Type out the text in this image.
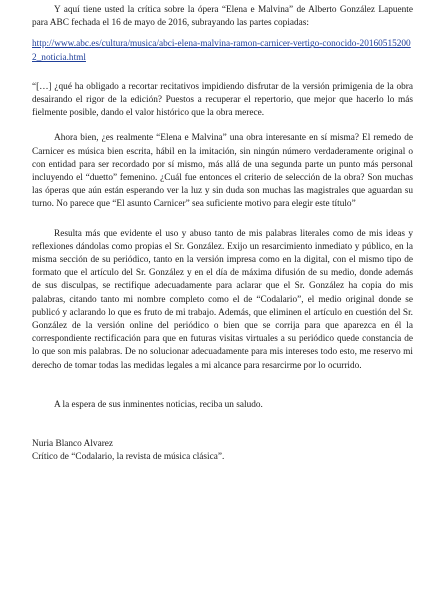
Y aquí tiene usted la crítica sobre la ópera “Elena e Malvina” de Alberto González Lapuente para ABC fechada el 16 de mayo de 2016, subrayando las partes copiadas:

http://www.abc.es/cultura/musica/abci-elena-malvina-ramon-carnicer-vertigo-conocido-201605152002_noticia.html

“[…] ¿qué ha obligado a recortar recitativos impidiendo disfrutar de la versión primigenia de la obra desairando el rigor de la edición? Puestos a recuperar el repertorio, que mejor que hacerlo lo más fielmente posible, dando el valor histórico que la obra merece.

Ahora bien, ¿es realmente “Elena e Malvina” una obra interesante en sí misma? El remedo de Carnicer es música bien escrita, hábil en la imitación, sin ningún número verdaderamente original o con entidad para ser recordado por sí mismo, más allá de una segunda parte un punto más personal incluyendo el “duetto” femenino. ¿Cuál fue entonces el criterio de selección de la obra? Son muchas las óperas que aún están esperando ver la luz y sin duda son muchas las magistrales que aguardan su turno. No parece que “El asunto Carnicer” sea suficiente motivo para elegir este título”

Resulta más que evidente el uso y abuso tanto de mis palabras literales como de mis ideas y reflexiones dándolas como propias el Sr. González. Exijo un resarcimiento inmediato y público, en la misma sección de su periódico, tanto en la versión impresa como en la digital, con el mismo tipo de formato que el artículo del Sr. González y en el día de máxima difusión de su medio, donde además de sus disculpas, se rectifique adecuadamente para aclarar que el Sr. González ha copia do mis palabras, citando tanto mi nombre completo como el de “Codalario”, el medio original donde se publicó y aclarando lo que es fruto de mi trabajo. Además, que eliminen el artículo en cuestión del Sr. González de la versión online del periódico o bien que se corrija para que aparezca en él la correspondiente rectificación para que en futuras visitas virtuales a su periódico quede constancia de lo que son mis palabras. De no solucionar adecuadamente para mis intereses todo esto, me reservo mi derecho de tomar todas las medidas legales a mi alcance para resarcirme por lo ocurrido.

A la espera de sus inminentes noticias, reciba un saludo.

Nuria Blanco Alvarez

Crítico de “Codalario, la revista de música clásica”.
